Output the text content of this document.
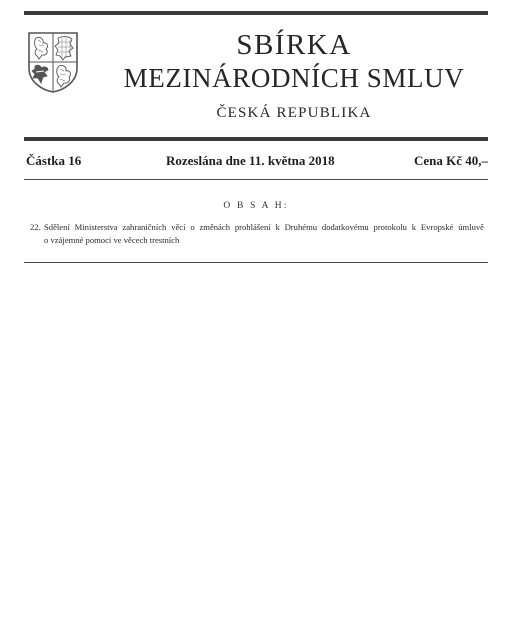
SBÍRKA
MEZINÁRODNÍCH SMLUV
ČESKÁ REPUBLIKA
Částka 16	Rozeslána dne 11. května 2018	Cena Kč 40,–
O B S A H:
22. Sdělení Ministerstva zahraničních věcí o změnách prohlášení k Druhému dodatkovému protokolu k Evropské úmluvě
o vzájemné pomoci ve věcech trestních
